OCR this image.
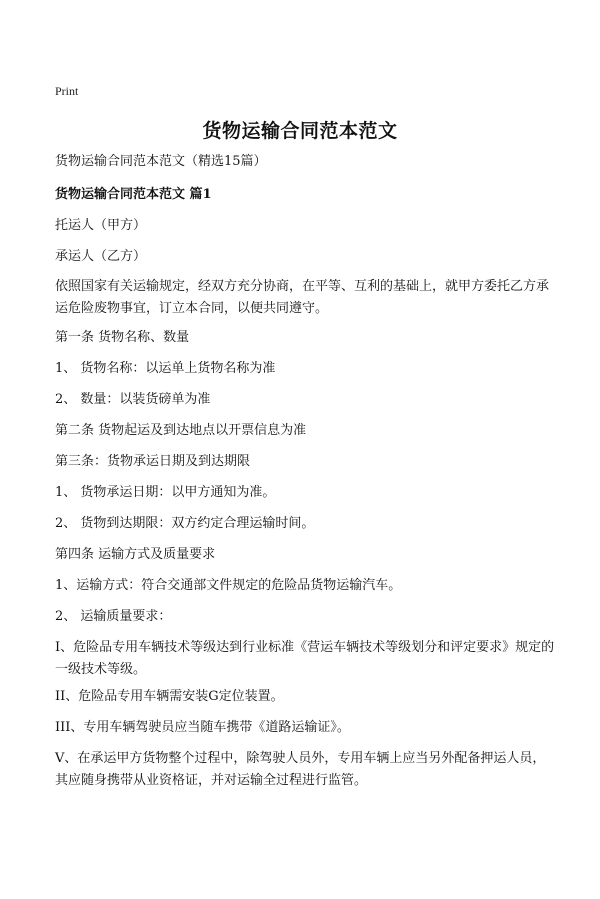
Print
货物运输合同范本范文
货物运输合同范本范文（精选15篇）
货物运输合同范本范文 篇1
托运人（甲方）
承运人（乙方）
依照国家有关运输规定，经双方充分协商，在平等、互利的基础上，就甲方委托乙方承运危险废物事宜，订立本合同，以便共同遵守。
第一条 货物名称、数量
1、 货物名称：以运单上货物名称为准
2、 数量：以装货磅单为准
第二条 货物起运及到达地点以开票信息为准
第三条：货物承运日期及到达期限
1、 货物承运日期：以甲方通知为准。
2、 货物到达期限：双方约定合理运输时间。
第四条 运输方式及质量要求
1、运输方式：符合交通部文件规定的危险品货物运输汽车。
2、 运输质量要求：
I、危险品专用车辆技术等级达到行业标准《营运车辆技术等级划分和评定要求》规定的一级技术等级。
II、危险品专用车辆需安装G定位装置。
III、专用车辆驾驶员应当随车携带《道路运输证》。
V、在承运甲方货物整个过程中，除驾驶人员外，专用车辆上应当另外配备押运人员，其应随身携带从业资格证，并对运输全过程进行监管。
